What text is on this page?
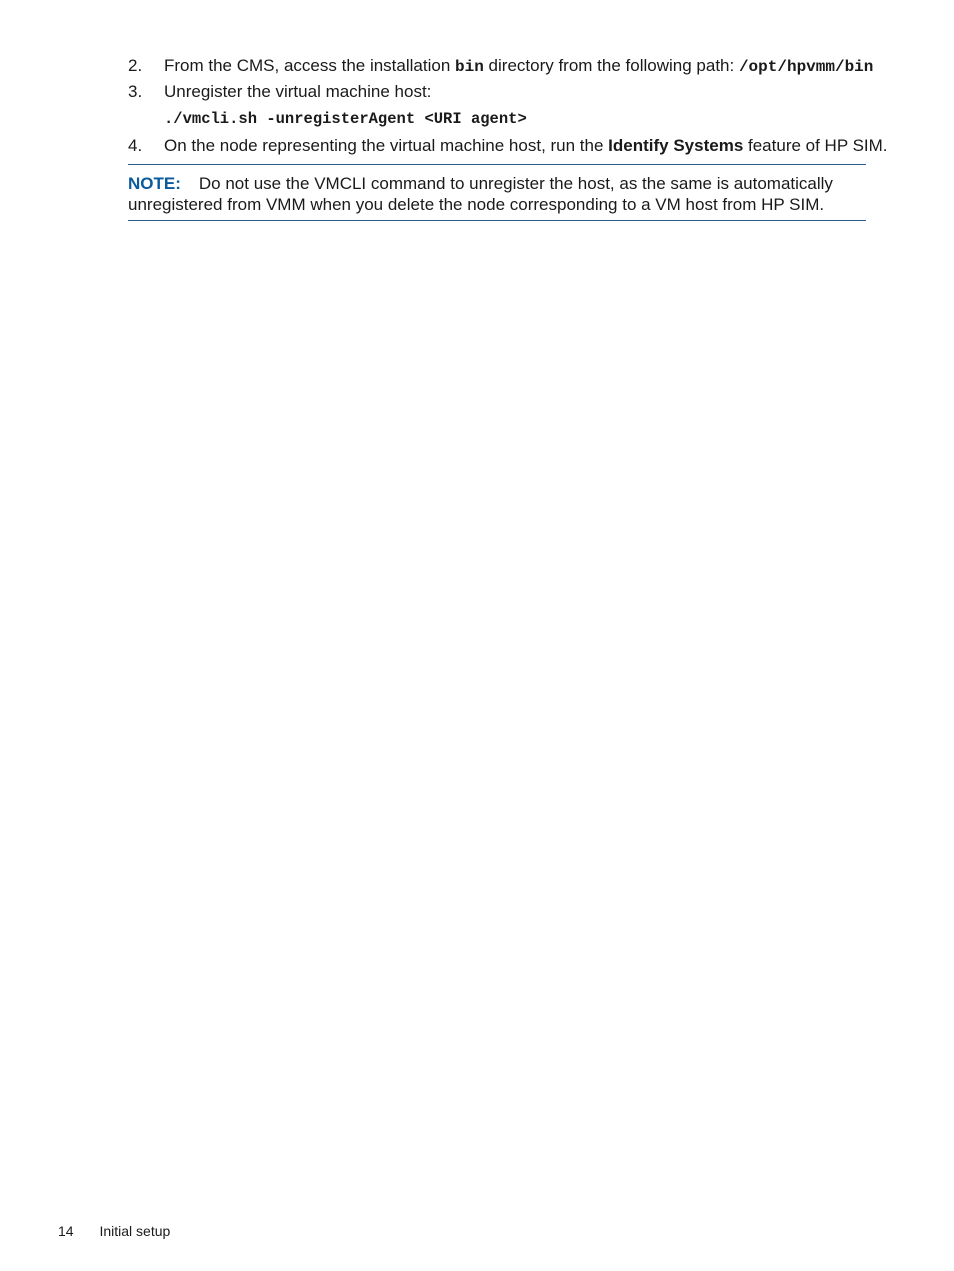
2. From the CMS, access the installation bin directory from the following path: /opt/hpvmm/bin
3. Unregister the virtual machine host:
./vmcli.sh -unregisterAgent <URI agent>
4. On the node representing the virtual machine host, run the Identify Systems feature of HP SIM.
NOTE: Do not use the VMCLI command to unregister the host, as the same is automatically unregistered from VMM when you delete the node corresponding to a VM host from HP SIM.
14 Initial setup
